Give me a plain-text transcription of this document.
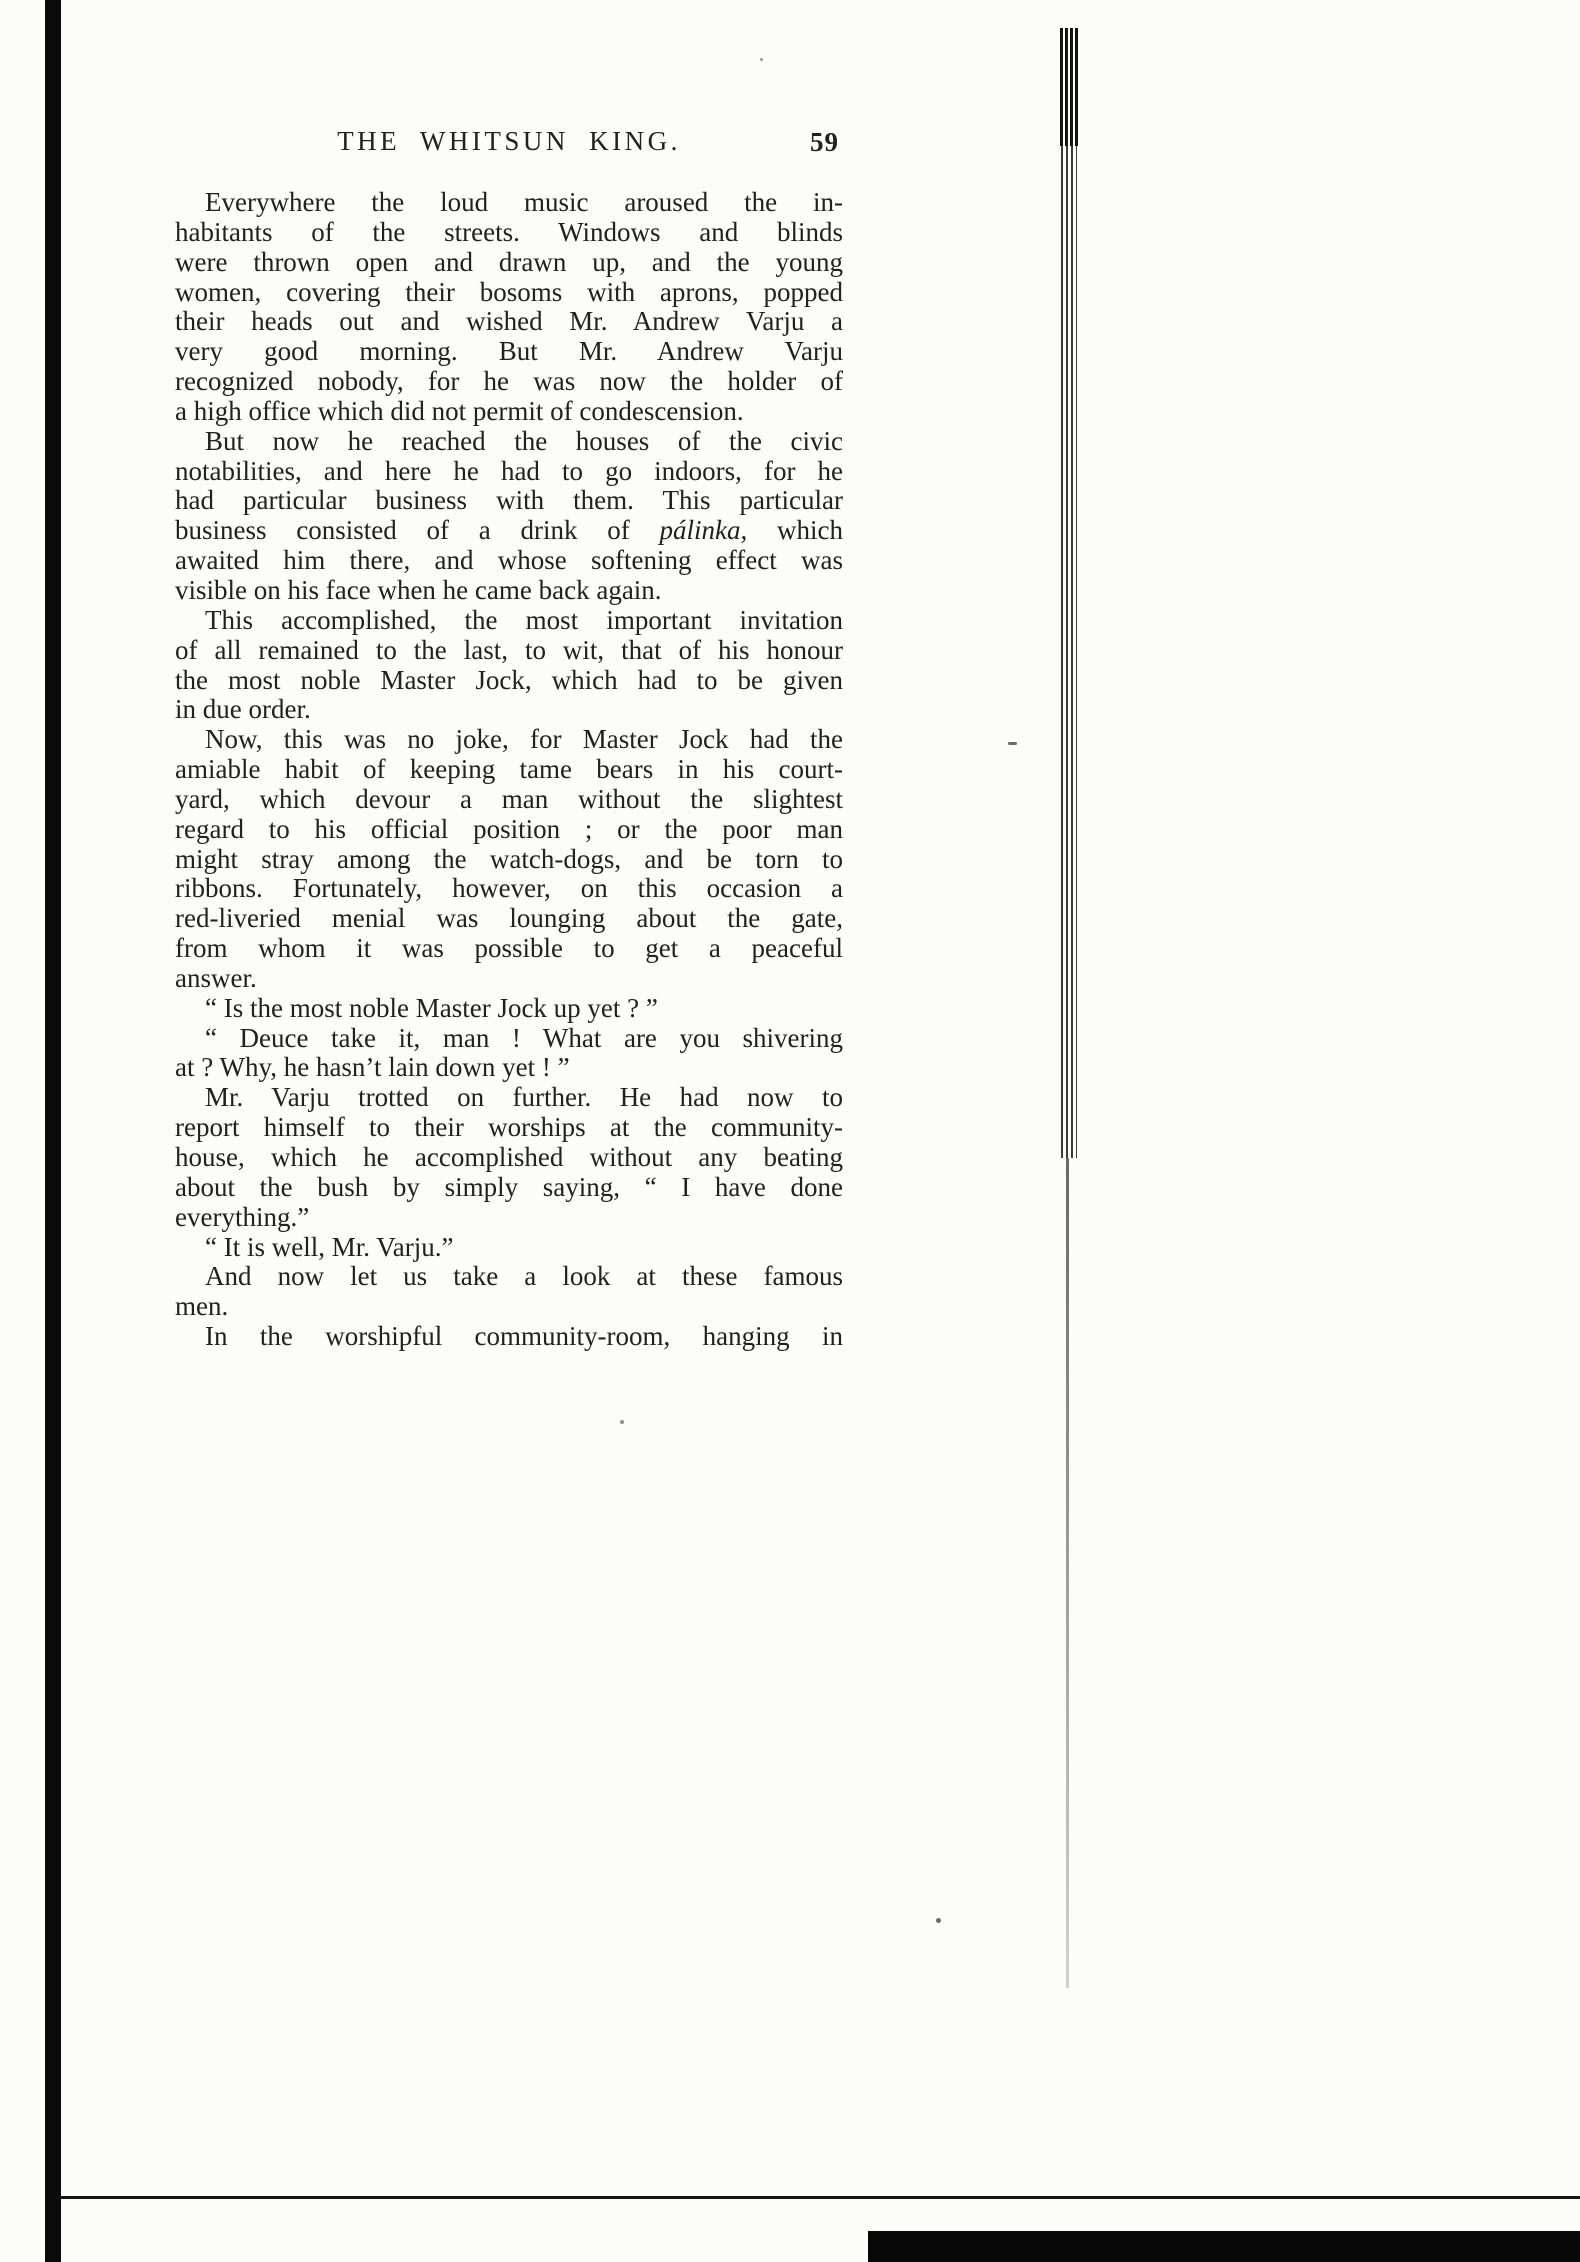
THE WHITSUN KING.	59
Everywhere the loud music aroused the in-
habitants of the streets. Windows and blinds
were thrown open and drawn up, and the young
women, covering their bosoms with aprons, popped
their heads out and wished Mr. Andrew Varju a
very good morning. But Mr. Andrew Varju
recognized nobody, for he was now the holder of
a high office which did not permit of condescension.
But now he reached the houses of the civic
notabilities, and here he had to go indoors, for he
had particular business with them. This particular
business consisted of a drink of pálinka, which
awaited him there, and whose softening effect was
visible on his face when he came back again.
This accomplished, the most important invitation
of all remained to the last, to wit, that of his honour
the most noble Master Jock, which had to be given
in due order.
Now, this was no joke, for Master Jock had the
amiable habit of keeping tame bears in his court-
yard, which devour a man without the slightest
regard to his official position ; or the poor man
might stray among the watch-dogs, and be torn to
ribbons. Fortunately, however, on this occasion a
red-liveried menial was lounging about the gate,
from whom it was possible to get a peaceful
answer.
“ Is the most noble Master Jock up yet ? ”
“ Deuce take it, man ! What are you shivering
at ? Why, he hasn’t lain down yet ! ”
Mr. Varju trotted on further. He had now to
report himself to their worships at the community-
house, which he accomplished without any beating
about the bush by simply saying, “ I have done
everything.”
“ It is well, Mr. Varju.”
And now let us take a look at these famous
men.
In the worshipful community-room, hanging in
